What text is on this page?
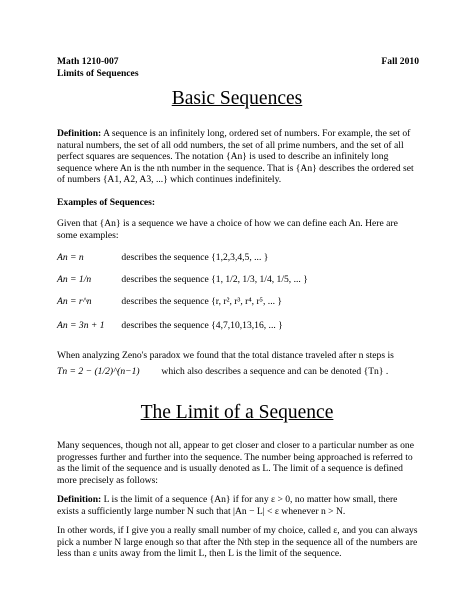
Math 1210-007
Limits of Sequences
Fall 2010
Basic Sequences
Definition: A sequence is an infinitely long, ordered set of numbers. For example, the set of natural numbers, the set of all odd numbers, the set of all prime numbers, and the set of all perfect squares are sequences. The notation {An} is used to describe an infinitely long sequence where An is the nth number in the sequence. That is {An} describes the ordered set of numbers {A1, A2, A3, ...} which continues indefinitely.
Examples of Sequences:
Given that {An} is a sequence we have a choice of how we can define each An. Here are some examples:
An = n	describes the sequence {1,2,3,4,5, ... }
An = 1/n	describes the sequence {1, 1/2, 1/3, 1/4, 1/5, ... }
An = r^n	describes the sequence {r, r², r³, r⁴, r⁵, ... }
An = 3n + 1 describes the sequence {4,7,10,13,16, ... }
When analyzing Zeno's paradox we found that the total distance traveled after n steps is
Tn = 2 − (1/2)^(n−1) which also describes a sequence and can be denoted {Tn} .
The Limit of a Sequence
Many sequences, though not all, appear to get closer and closer to a particular number as one progresses further and further into the sequence. The number being approached is referred to as the limit of the sequence and is usually denoted as L. The limit of a sequence is defined more precisely as follows:
Definition: L is the limit of a sequence {An} if for any ε > 0, no matter how small, there exists a sufficiently large number N such that |An − L| < ε whenever n > N.
In other words, if I give you a really small number of my choice, called ε, and you can always pick a number N large enough so that after the Nth step in the sequence all of the numbers are less than ε units away from the limit L, then L is the limit of the sequence.
